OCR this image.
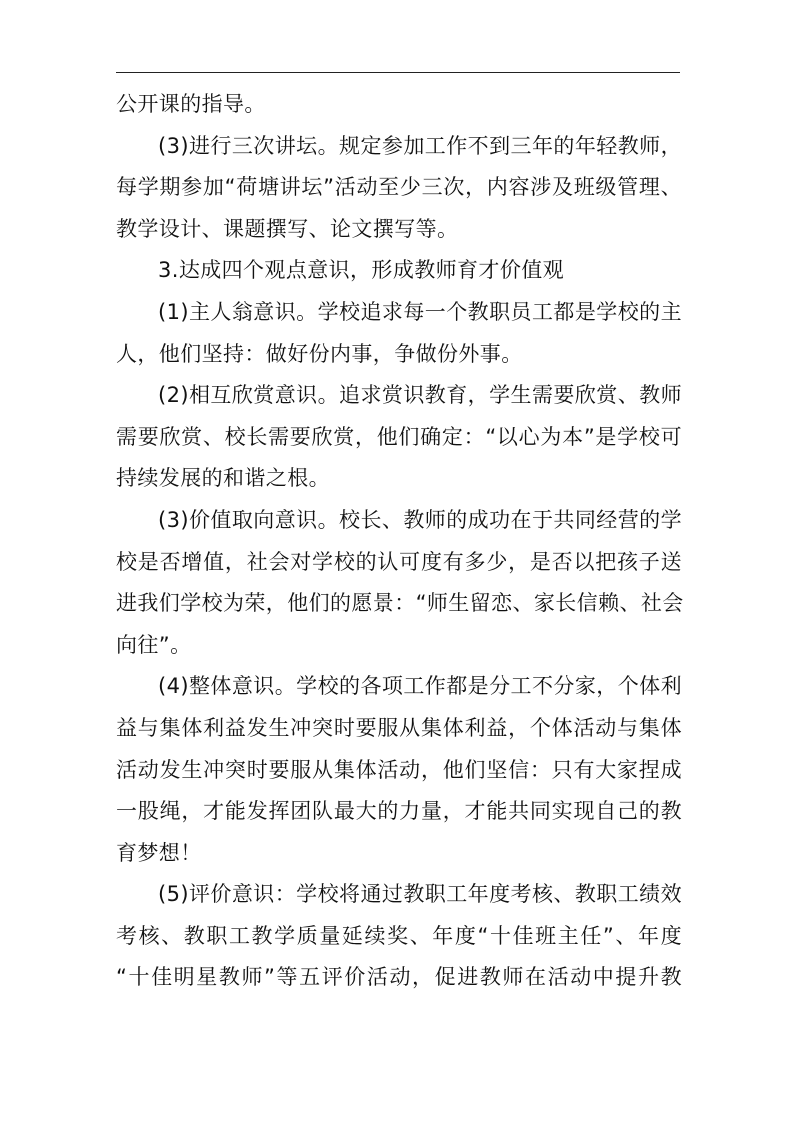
公开课的指导。
(3)进行三次讲坛。规定参加工作不到三年的年轻教师，
每学期参加“荷塘讲坛”活动至少三次，内容涉及班级管理、
教学设计、课题撰写、论文撰写等。
3.达成四个观点意识，形成教师育才价值观
(1)主人翁意识。学校追求每一个教职员工都是学校的主
人，他们坚持：做好份内事，争做份外事。
(2)相互欣赏意识。追求赏识教育，学生需要欣赏、教师
需要欣赏、校长需要欣赏，他们确定：“以心为本”是学校可
持续发展的和谐之根。
(3)价值取向意识。校长、教师的成功在于共同经营的学
校是否增值，社会对学校的认可度有多少，是否以把孩子送
进我们学校为荣，他们的愿景：“师生留恋、家长信赖、社会
向往”。
(4)整体意识。学校的各项工作都是分工不分家，个体利
益与集体利益发生冲突时要服从集体利益，个体活动与集体
活动发生冲突时要服从集体活动，他们坚信：只有大家捏成
一股绳，才能发挥团队最大的力量，才能共同实现自己的教
育梦想！
(5)评价意识：学校将通过教职工年度考核、教职工绩效
考核、教职工教学质量延续奖、年度“十佳班主任”、年度
“十佳明星教师”等五评价活动，促进教师在活动中提升教
